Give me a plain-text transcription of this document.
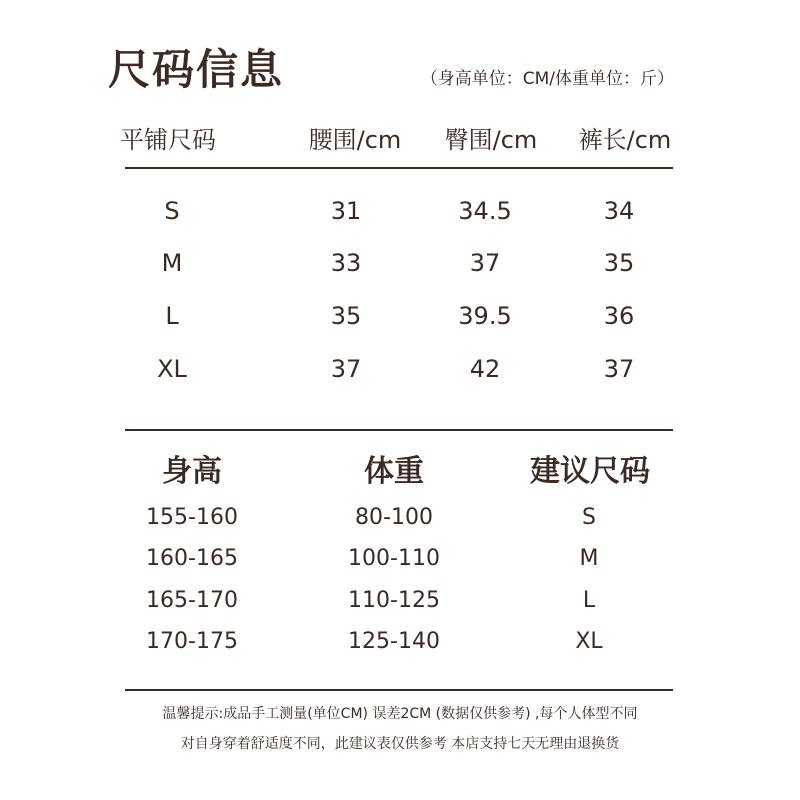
尺码信息	（身高单位：CM/体重单位：斤）
平铺尺码	腰围/cm	臀围/cm	裤长/cm
S	31	34.5	34
M	33	37	35
L	35	39.5	36
XL	37	42	37
身高	体重	建议尺码
155-160	80-100	S
160-165	100-110	M
165-170	110-125	L
170-175	125-140	XL
温馨提示:成品手工测量(单位CM) 误差2CM (数据仅供参考) ,每个人体型不同
对自身穿着舒适度不同，此建议表仅供参考 本店支持七天无理由退换货
